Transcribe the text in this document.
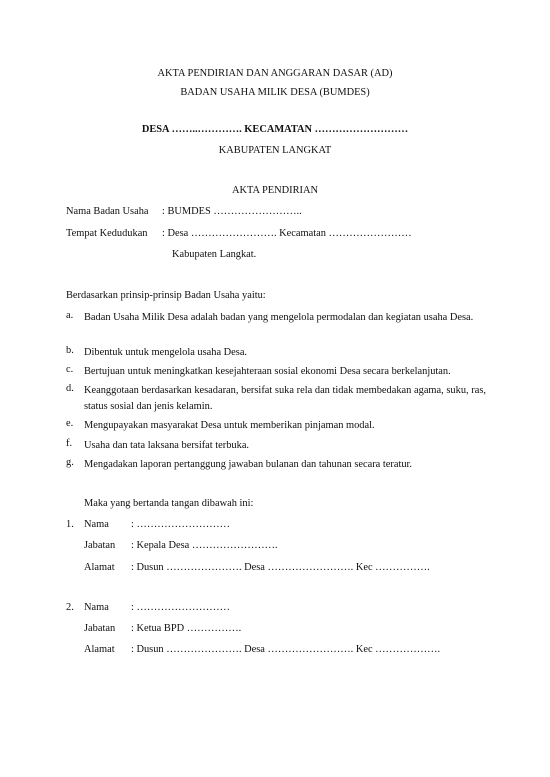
AKTA PENDIRIAN DAN ANGGARAN DASAR (AD)
BADAN USAHA MILIK DESA (BUMDES)
DESA ……..…………. KECAMATAN ………………………
KABUPATEN LANGKAT
AKTA PENDIRIAN
Nama Badan Usaha : BUMDES ……………………..
Tempat Kedudukan : Desa ……………………. Kecamatan ……………………
Kabupaten Langkat.
Berdasarkan prinsip-prinsip Badan Usaha yaitu:
a. Badan Usaha Milik Desa adalah badan yang mengelola permodalan dan kegiatan usaha Desa.
b. Dibentuk untuk mengelola usaha Desa.
c. Bertujuan untuk meningkatkan kesejahteraan sosial ekonomi Desa secara berkelanjutan.
d. Keanggotaan berdasarkan kesadaran, bersifat suka rela dan tidak membedakan agama, suku, ras, status sosial dan jenis kelamin.
e. Mengupayakan masyarakat Desa untuk memberikan pinjaman modal.
f. Usaha dan tata laksana bersifat terbuka.
g. Mengadakan laporan pertanggung jawaban bulanan dan tahunan secara teratur.
Maka yang bertanda tangan dibawah ini:
1. Nama : ………………………
Jabatan : Kepala Desa …………………….
Alamat : Dusun …………………. Desa ……………………. Kec …………….
2. Nama : ………………………
Jabatan : Ketua BPD …………….
Alamat : Dusun …………………. Desa ……………………. Kec ……………….
